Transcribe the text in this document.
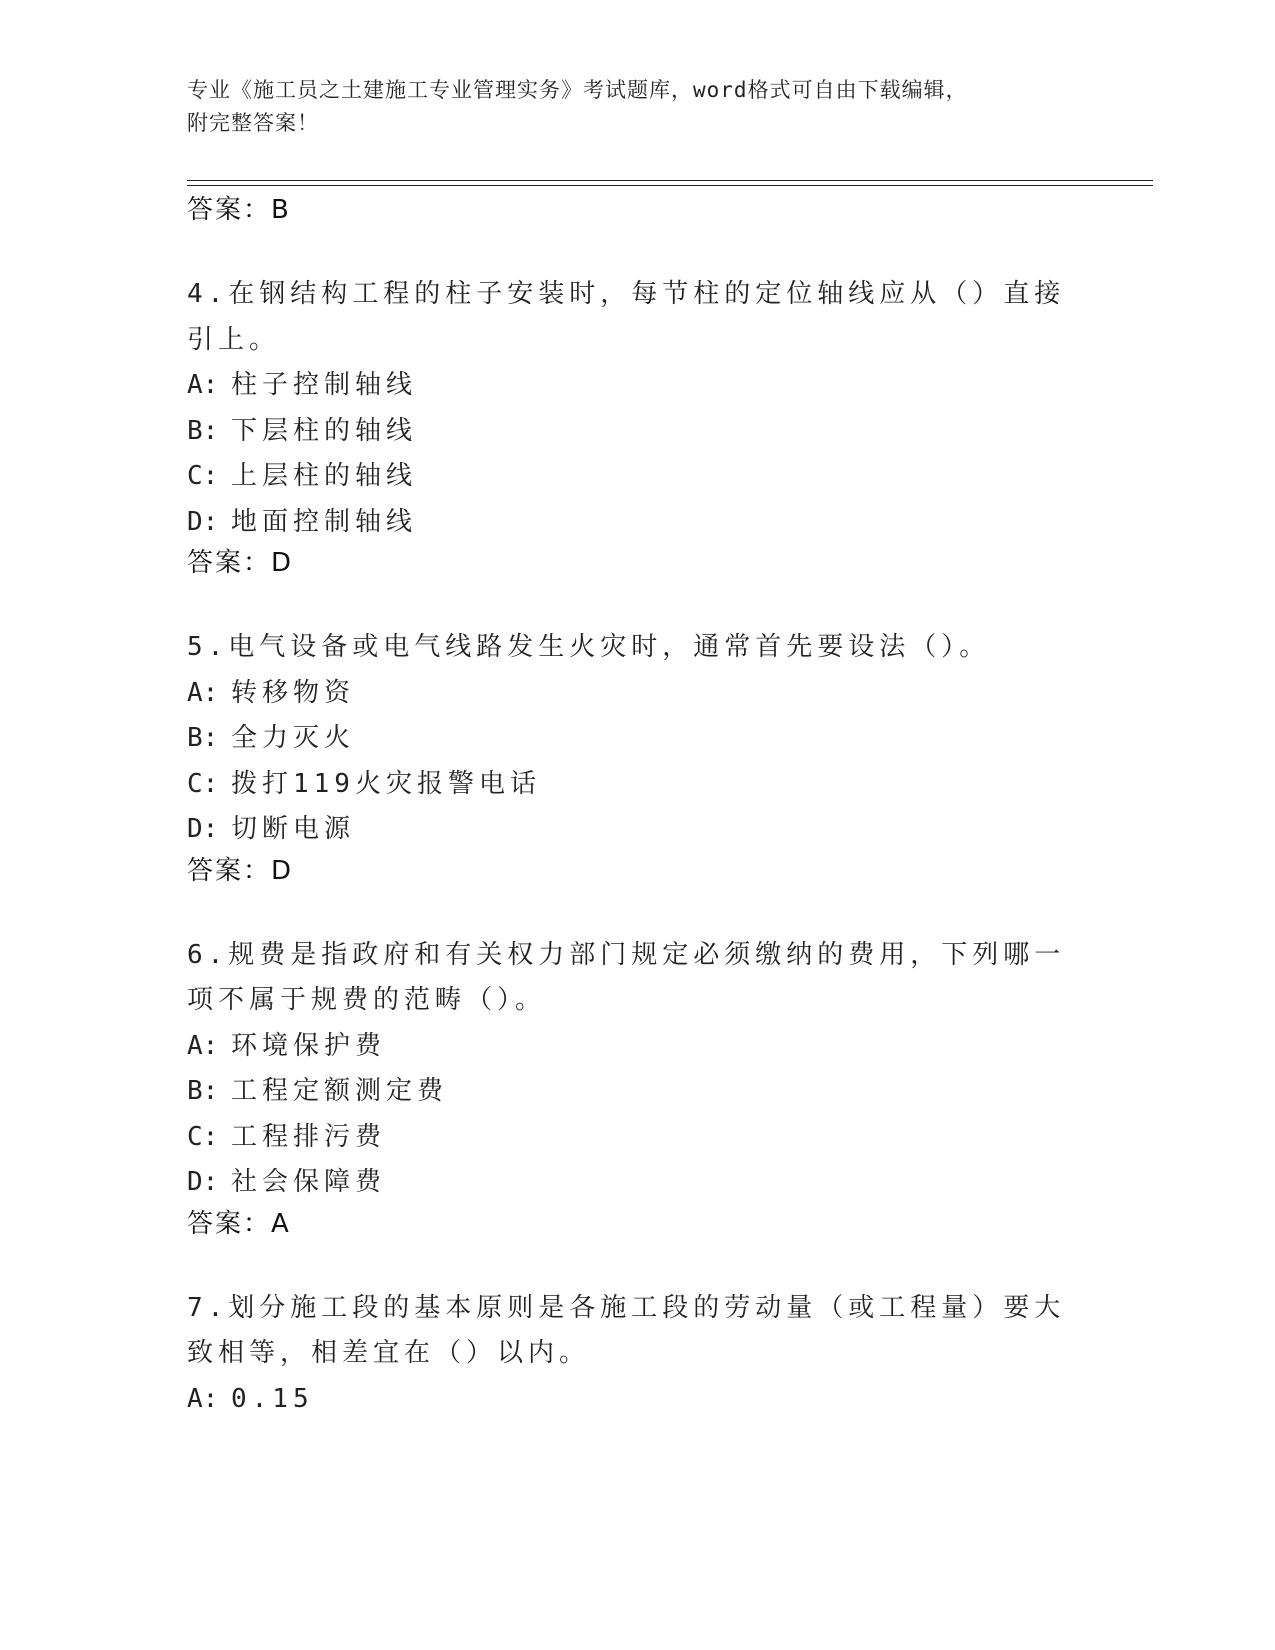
专业《施工员之土建施工专业管理实务》考试题库，word格式可自由下载编辑，
附完整答案！
答案：B
4.在钢结构工程的柱子安装时，每节柱的定位轴线应从（）直接引上。
A: 柱子控制轴线
B: 下层柱的轴线
C: 上层柱的轴线
D: 地面控制轴线
答案：D
5.电气设备或电气线路发生火灾时，通常首先要设法（）。
A: 转移物资
B: 全力灭火
C: 拨打119火灾报警电话
D: 切断电源
答案：D
6.规费是指政府和有关权力部门规定必须缴纳的费用，下列哪一项不属于规费的范畴（）。
A: 环境保护费
B: 工程定额测定费
C: 工程排污费
D: 社会保障费
答案：A
7.划分施工段的基本原则是各施工段的劳动量（或工程量）要大致相等，相差宜在（）以内。
A: 0.15
